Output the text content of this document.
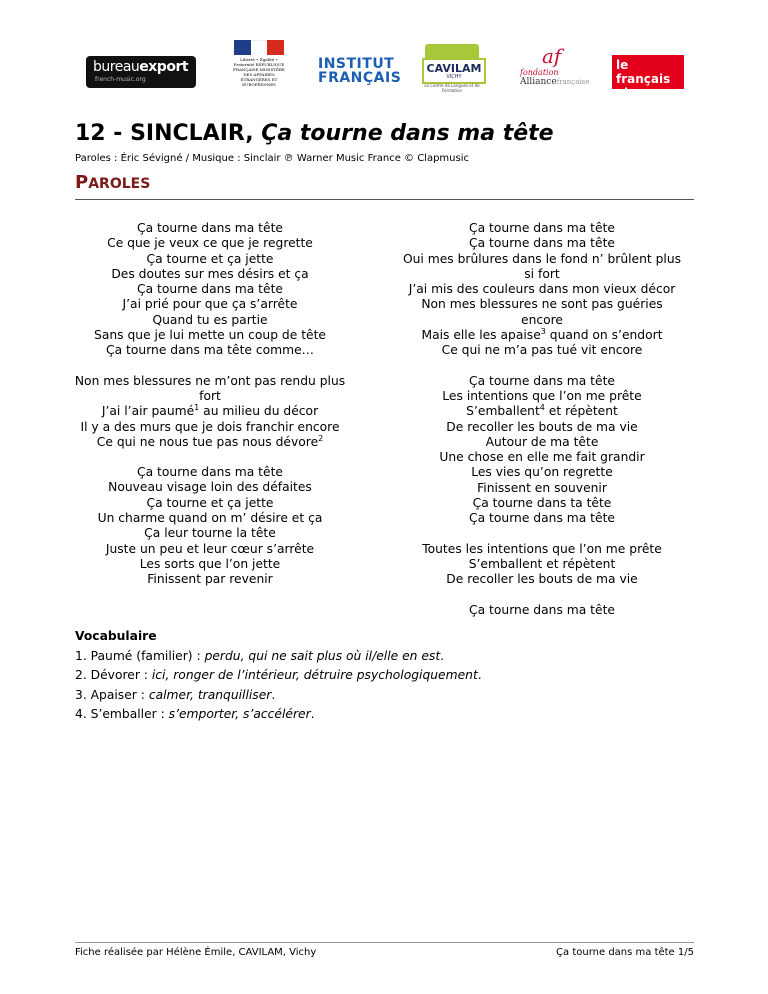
bureauexport
french-music.org
Liberté • Égalité • Fraternité RÉPUBLIQUE FRANÇAISE MINISTÈRE DES AFFAIRES ÉTRANGÈRES ET EUROPÉENNES
INSTITUT
FRANÇAIS
CAVILAM
VICHY
Le Centre de Langues et de Formation
af
fondation
Alliancefrançaise
le français
le monde
12 - SINCLAIR, Ça tourne dans ma tête
Paroles : Éric Sévigné / Musique : Sinclair ℗ Warner Music France © Clapmusic
PAROLES

Ça tourne dans ma tête

Ce que je veux ce que je regrette

Ça tourne et ça jette

Des doutes sur mes désirs et ça

Ça tourne dans ma tête

J’ai prié pour que ça s’arrête

Quand tu es partie

Sans que je lui mette un coup de tête

Ça tourne dans ma tête comme…

Non mes blessures ne m’ont pas rendu plus

fort

J’ai l’air paumé$^1$ au milieu du décor

Il y a des murs que je dois franchir encore

Ce qui ne nous tue pas nous dévore$^2$

Ça tourne dans ma tête

Nouveau visage loin des défaites

Ça tourne et ça jette

Un charme quand on m’ désire et ça

Ça leur tourne la tête

Juste un peu et leur cœur s’arrête

Les sorts que l’on jette

Finissent par revenir

Ça tourne dans ma tête

Ça tourne dans ma tête

Oui mes brûlures dans le fond n’ brûlent plus

si fort

J’ai mis des couleurs dans mon vieux décor

Non mes blessures ne sont pas guéries

encore

Mais elle les apaise$^3$ quand on s’endort

Ce qui ne m’a pas tué vit encore

Ça tourne dans ma tête

Les intentions que l’on me prête

S’emballent$^4$ et répètent

De recoller les bouts de ma vie

Autour de ma tête

Une chose en elle me fait grandir

Les vies qu’on regrette

Finissent en souvenir

Ça tourne dans ta tête

Ça tourne dans ma tête

Toutes les intentions que l’on me prête

S’emballent et répètent

De recoller les bouts de ma vie

Ça tourne dans ma tête

Vocabulaire
1. Paumé (familier) : perdu, qui ne sait plus où il/elle en est.
2. Dévorer : ici, ronger de l’intérieur, détruire psychologiquement.
3. Apaiser : calmer, tranquilliser.
4. S’emballer : s’emporter, s’accélérer.
Fiche réalisée par Hélène Émile, CAVILAM, Vichy	Ça tourne dans ma tête 1/5
